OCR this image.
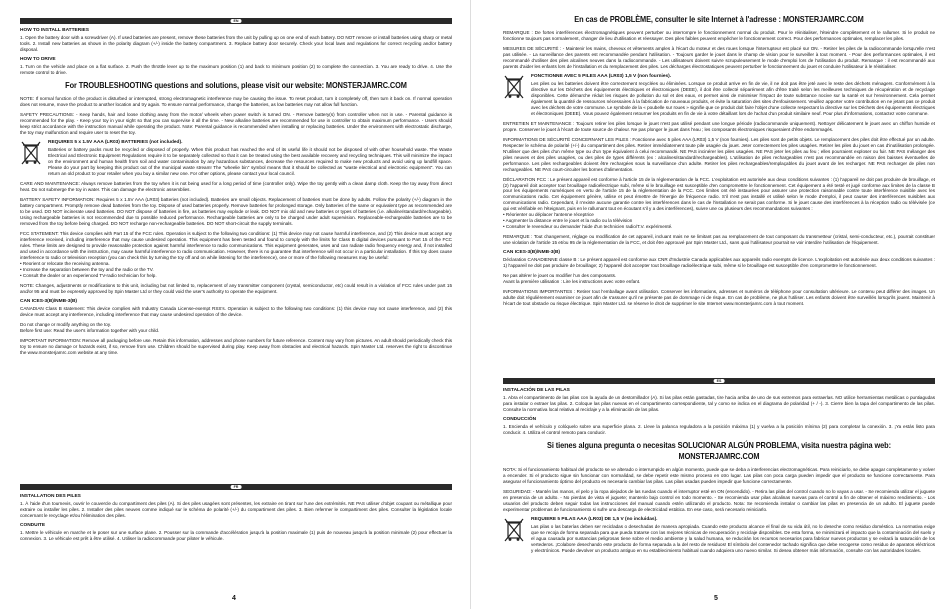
EN
HOW TO INSTALL BATTERIES

1. Open the battery door with a screwdriver (A). If used batteries are present, remove these batteries from the unit by pulling up on one end of each battery. DO NOT remove or install batteries using sharp or metal tools. 2. Install new batteries as shown in the polarity diagram (+/-) inside the battery compartment. 3. Replace battery door securely. Check your local laws and regulations for correct recycling and/or battery disposal.

HOW TO DRIVE

1. Turn on the vehicle and place on a flat surface. 2. Push the throttle lever up to the maximum position (1) and back to minimum position (2) to complete the connection. 3. You are ready to drive. 4. Use the remote control to drive.

For TROUBLESHOOTING questions and solutions, please visit our website: MONSTERJAMRC.COM

NOTE: If normal function of the product is disturbed or interrupted, strong electromagnetic interference may be causing the issue. To reset product, turn it completely off, then turn it back on. If normal operation does not resume, move the product to another location and try again. To ensure normal performance, change the batteries, as low batteries may not allow full function.

SAFETY PRECAUTIONS: - Keep hands, hair and loose clothing away from the motor/ wheels when power switch is turned ON. - Remove battery(s) from controller when not in use. - Parental guidance is recommended for the play. - Keep your toy in your sight so that you can supervise it all the time. - New alkaline batteries are recommended for use in controller to obtain maximum performance. - Users should keep strict accordance with the instruction manual while operating the product. Note: Parental guidance is recommended when installing or replacing batteries. Under the environment with electrostatic discharge, the toy may malfunction and require user to reset the toy.

REQUIRES 5 x 1.5V AAA (LR03) BATTERIES (not included).
Batteries or battery packs must be recycled or disposed of properly. When this product has reached the end of its useful life it should not be disposed of with other household waste. The Waste Electrical and Electronic Equipment Regulations require it to be separately collected so that it can be treated using the best available recovery and recycling techniques. This will minimize the impact on the environment and human health from soil and water contamination by any hazardous substances, decrease the resources required to make new products and avoid using up landfill space. Please do your part by keeping this product out of the municipal waste stream! The "wheelie bin" symbol means that it should be collected as "waste electrical and electronic equipment". You can return an old product to your retailer when you buy a similar new one. For other options, please contact your local council.

CARE AND MAINTENANCE: Always remove batteries from the toy when it is not being used for a long period of time (controller only). Wipe the toy gently with a clean damp cloth. Keep the toy away from direct heat. Do not submerge the toy in water. This can damage the electronic assemblies.

BATTERY SAFETY INFORMATION: Requires 5 x 1.5V AAA (LR03) batteries (not included). Batteries are small objects. Replacement of batteries must be done by adults. Follow the polarity (+/-) diagram in the battery compartment. Promptly remove dead batteries from the toy. Dispose of used batteries properly. Remove batteries for prolonged storage. Only batteries of the same or equivalent type as recommended are to be used. DO NOT incinerate used batteries. DO NOT dispose of batteries in fire, as batteries may explode or leak. DO NOT mix old and new batteries or types of batteries (i.e. alkaline/standard/rechargeable). Using rechargeable batteries is not recommended due to possible reduced performance. Rechargeable batteries are only to be charged under adult supervision. Replaceable-rechargeable batteries are to be removed from the toy before being charged. DO NOT recharge non-rechargeable batteries. DO NOT short-circuit the supply terminals.

FCC STATEMENT: This device complies with Part 15 of the FCC rules. Operation is subject to the following two conditions: (1) This device may not cause harmful interference, and (2) This device must accept any interference received, including interference that may cause undesired operation. This equipment has been tested and found to comply with the limits for Class B digital devices pursuant to Part 15 of the FCC rules. These limits are designed to provide reasonable protection against harmful interference to radio communications. This equipment generates, uses and can radiate radio frequency energy and, if not installed and used in accordance with the instruction, may cause harmful interference to radio communication. However, there is no guarantee that interference will not occur in a particular installation. If this toy does cause interference to radio or television reception (you can check this by turning the toy off and on while listening for the interference), one or more of the following measures may be useful:

• Reorient or relocate the receiving antenna.
• Increase the separation between the toy and the radio or the TV.
• Consult the dealer or an experienced TV-radio technician for help.

NOTE: Changes, adjustments or modifications to this unit, including but not limited to, replacement of any transmitter component (crystal, semiconductor, etc) could result in a violation of FCC rules under part 15 and/or 95 and must be expressly approved by Spin Master Ltd or they could void the user's authority to operate the equipment.

CAN ICES-3(B)/NMB-3(B)

CANADIAN Class B statement: This device complies with Industry Canada License-exempt RSS's. Operation is subject to the following two conditions: (1) this device may not cause interference, and (2) this device must accept any interference, including interference that may cause undesired operation of the device.

Do not change or modify anything on the toy.

Before first use: Read the user's information together with your child.

IMPORTANT INFORMATION: Remove all packaging before use. Retain this information, addresses and phone numbers for future reference. Content may vary from pictures. An adult should periodically check this toy to ensure no damage or hazards exist, if so, remove from use. Children should be supervised during play. Keep away from obstacles and electrical hazards. Spin Master Ltd. reserves the right to discontinue the www.monsterjamrc.com website at any time.

FR
INSTALLATION DES PILES

1. À l'aide d'un tournevis, ouvrir le couvercle du compartiment des piles (A). Si des piles usagées sont présentes, les extraire en tirant sur l'une des extrémités. NE PAS utiliser d'objet coupant ou métallique pour extraire ou installer les piles. 2. Installer des piles neuves comme indiqué sur le schéma de polarité (+/-) du compartiment des piles. 3. Bien refermer le compartiment des piles. Consulter la législation locale concernant le recyclage et/ou l'élimination des piles.

CONDUITE

1. Mettre le véhicule en marche et le poser sur une surface plane. 2. Pousser sur la commande d'accélération jusqu'à la position maximale (1) puis de nouveau jusqu'à la position minimale (2) pour effectuer la connexion. 3. Le véhicule est prêt à être utilisé. 4. Utiliser la radiocommande pour piloter le véhicule.

4
En cas de PROBLÈME, consulter le site Internet à l'adresse : MONSTERJAMRC.COM

REMARQUE : De fortes interférences électromagnétiques peuvent perturber ou interrompre le fonctionnement normal du produit. Pour le réinitialiser, l'éteindre complètement et le rallumer. Si le produit ne fonctionne toujours pas normalement, changer de lieu d'utilisation et réessayer. Des piles faibles peuvent empêcher le fonctionnement correct. Pour des performances optimales, remplacer les piles.

MESURES DE SÉCURITÉ : - Maintenir les mains, cheveux et vêtements amples à l'écart du moteur et des roues lorsque l'interrupteur est placé sur ON. - Retirer les piles de la radiocommande lorsqu'elle n'est pas utilisée. - La surveillance des parents est recommandée pendant l'utilisation. - Toujours garder le jouet dans le champ de vision pour le surveiller à tout moment. - Pour des performances optimales, il est recommandé d'utiliser des piles alcalines neuves dans la radiocommande. - Les utilisateurs doivent suivre scrupuleusement le mode d'emploi lors de l'utilisation du produit. Remarque : il est recommandé aux parents d'aider les enfants lors de l'installation et du remplacement des piles. Les décharges électrostatiques peuvent perturber le fonctionnement du jouet et conduire l'utilisateur à le réinitialiser.

FONCTIONNE AVEC 5 PILES AAA (LR03) 1,5 V (non fournies).
Les piles ou les batteries doivent être correctement recyclées ou éliminées. Lorsque ce produit arrive en fin de vie, il ne doit pas être jeté avec le reste des déchets ménagers. Conformément à la directive sur les Déchets des équipements électriques et électroniques (DEEE), il doit être collecté séparément afin d'être traité selon les meilleures techniques de récupération et de recyclage disponibles. Cette démarche réduit les risques de pollution du sol et des eaux, et permet ainsi de minimiser l'impact de toute substance nocive sur la santé et sur l'environnement. Cela permet également la quantité de ressources nécessaires à la fabrication de nouveaux produits, et évite la saturation des sites d'enfouissement. Veuillez apporter votre contribution en ne jetant pas ce produit avec les déchets de votre commune. Le symbole de la « poubelle sur roues » signifie que ce produit doit faire l'objet d'une collecte respectant la directive sur les Déchets des équipements électriques et électroniques (DEEE). Vous pouvez également retourner les produits en fin de vie à votre détaillant lors de l'achat d'un produit similaire neuf. Pour plus d'informations, contactez votre commune.

ENTRETIEN ET MAINTENANCE : Toujours retirer les piles lorsque le jouet n'est pas utilisé pendant une longue période (radiocommande uniquement). Nettoyer délicatement le jouet avec un chiffon humide et propre. Conserver le jouet à l'écart de toute source de chaleur. Ne pas plonger le jouet dans l'eau ; les composants électroniques risqueraient d'être endommagés.

INFORMATIONS DE SÉCURITÉ CONCERNANT LES PILES : Fonctionne avec 5 piles AAA (LR03) 1,5 V (non fournies). Les piles sont de petits objets. Le remplacement des piles doit être effectué par un adulte. Respecter le schéma de polarité (+/-) du compartiment des piles. Retirer immédiatement toute pile usagée du jouet. Jeter correctement les piles usagées. Retirer les piles du jouet en cas d'inutilisation prolongée. N'utiliser que des piles d'un même type ou d'un type équivalent à celui recommandé. NE PAS incinérer les piles usagées. NE PAS jeter les piles au feu ; elles pourraient exploser ou fuir. NE PAS mélanger des piles neuves et des piles usagées, ou des piles de types différents (ex : alcalines/standard/rechargeables). L'utilisation de piles rechargeables n'est pas recommandée en raison des baisses éventuelles de performance. Les piles rechargeables doivent être rechargées sous la surveillance d'un adulte. Retirer les piles rechargeables/remplaçables du jouet avant de les recharger. NE PAS recharger de piles non rechargeables. NE PAS court-circuiter les bornes d'alimentation.

DÉCLARATION FCC : Le présent appareil est conforme à l'article 15 de la réglementation de la FCC. L'exploitation est autorisée aux deux conditions suivantes : (1) l'appareil ne doit pas produire de brouillage, et (2) l'appareil doit accepter tout brouillage radioélectrique subi, même si le brouillage est susceptible d'en compromettre le fonctionnement. Cet équipement a été testé et jugé conforme aux limites de la classe B pour les équipements numériques en vertu de l'article 15 de la réglementation de la FCC. Ces limites ont été instaurées pour assurer une protection raisonnable contre toute interférence nuisible avec les communications radio. Cet équipement génère, utilise et peut émettre de l'énergie de fréquence radio. S'il n'est pas installé et utilisé selon le mode d'emploi, il peut causer des interférences nuisibles aux communications radio. Cependant, il n'existe aucune garantie contre les interférences dans le cas de l'installation ne serait pas conforme. Si le jouet cause des interférences à la réception radio ou télévisée (ce qui est vérifiable en l'éteignant, puis en le rallumant tout en écoutant s'il y a des interférences), suivre une ou plusieurs des recommandations suivantes :

• Réorienter ou déplacer l'antenne réceptrice
• Augmenter la distance entre le jouet et la radio ou la télévision
• Consulter le revendeur ou demander l'aide d'un technicien radio/T.V. expérimenté.

REMARQUE : Tout changement, réglage ou modification de cet appareil, incluant mais ne se limitant pas au remplacement de tout composant du transmetteur (cristal, semi-conducteur, etc.), pourrait constituer une violation de l'article 15 et/ou 95 de la réglementation de la FCC, et doit être approuvé par Spin Master Ltd., sans quoi l'utilisateur pourrait se voir interdire l'utilisation de l'équipement.

CAN ICES-3(B)/NMB-3(B)

Déclaration CANADIENNE classe B : Le présent appareil est conforme aux CNR d'Industrie Canada applicables aux appareils radio exempts de licence. L'exploitation est autorisée aux deux conditions suivantes : 1) l'appareil ne doit pas produire de brouillage; 2) l'appareil doit accepter tout brouillage radioélectrique subi, même si le brouillage est susceptible d'en compromettre le fonctionnement.

Ne pas altérer le jouet ou modifier l'un des composants.

Avant la première utilisation : Lire les instructions avec votre enfant.

INFORMATIONS IMPORTANTES : Retirer tout l'emballage avant utilisation. Conserver les informations, adresses et numéros de téléphone pour consultation ultérieure. Le contenu peut différer des images. Un adulte doit régulièrement examiner ce jouet afin de s'assurer qu'il ne présente pas de dommage ni de risque. En cas de problème, ne plus l'utiliser. Les enfants doivent être surveillés lorsqu'ils jouent. Maintenir à l'écart de tout obstacle ou risque électrique. Spin Master Ltd. se réserve le droit de supprimer le site Internet www.monsterjamrc.com à tout moment.

ES
INSTALACIÓN DE LAS PILAS

1. Abra el compartimento de las pilas con la ayuda de un destornillador (A). Si las pilas están gastadas, tire hacia arriba de uno de sus extremos para extraerlas. NO utilice herramientas metálicas o puntiagudas para instalar o extraer las pilas. 2. Coloque las pilas nuevas en el compartimento correspondiente, tal y como se indica en el diagrama de polaridad (+ / -). 3. Cierre bien la tapa del compartimento de las pilas. Consulte la normativa local relativa al reciclaje y a la eliminación de las pilas.

CONDUCCIÓN

1. Encienda el vehículo y colóquelo sobre una superficie plana. 2. Lleve la palanca reguladora a la posición máxima (1) y vuelva a la posición mínima (2) para completar la conexión. 3. ¡Ya estás listo para conducir. 4. Utiliza el control remoto para conducir.

Si tienes alguna pregunta o necesitas SOLUCIONAR ALGÚN PROBLEMA, visita nuestra página web: MONSTERJAMRC.COM

NOTA: Si el funcionamiento habitual del producto se ve alterado o interrumpido en algún momento, puede que se deba a interferencias electromagnéticas. Para reiniciarlo, se debe apagar completamente y volver a encender. Si el producto sigue sin funcionar con normalidad, se debe repetir este mismo proceso en otro lugar. Las pilas con poca carga pueden impedir que el producto se funcione correctamente. Para asegurar el funcionamiento óptimo del producto es necesario cambiar las pilas. Las pilas usadas pueden impedir que funcione correctamente.

SEGURIDAD: - Mantén las manos, el pelo y la ropa alejados de las ruedas cuando el interruptor esté en ON (encendido). - Retira las pilas del control cuando no lo vayas a usar. - Se recomienda utilizar el juguete en presencia de un adulto. - No pierdas de vista el juguete; mantenlo bajo control en todo momento. - Se recomienda usar pilas alcalinas nuevas para el control a fin de obtener el máximo rendimiento. - Los usuarios del producto deben seguir todas las instrucciones del manual cuando estén utilizando el producto. Nota: Se recomienda instalar o cambiar las pilas en presencia de un adulto. El juguete puede experimentar problemas de funcionamiento si sufre una descarga de electricidad estática. En ese caso, será necesario reiniciarlo.

REQUIERE 5 PILAS AAA (LR03) DE 1,5 V (no incluidas).
Las pilas o las baterías deben ser recicladas o desechadas de manera apropiada. Cuando este producto alcance el final de su vida útil, no lo deseche como residuo doméstico. La normativa exige que se recoja de forma separada para que pueda tratarse con las mejores técnicas de recuperación y reciclaje disponibles. De esta forma, se minimizará el impacto que la contaminación del suelo y el agua causada por sustancias peligrosas tiene sobre el medio ambiente y la salud humana, se reducirán los recursos necesarios para fabricar nuevos productos y se evitará la saturación de los vertederos. ¡Colabore desechando este producto de forma separada a la del resto de residuos! El símbolo del contenedor tachado significa que debe recogerse como residuo de aparatos eléctricos y electrónicos. Puede devolver un producto antiguo en su establecimiento habitual cuando adquiera uno nuevo similar. Si desea obtener más información, consulte con las autoridades locales.
5
